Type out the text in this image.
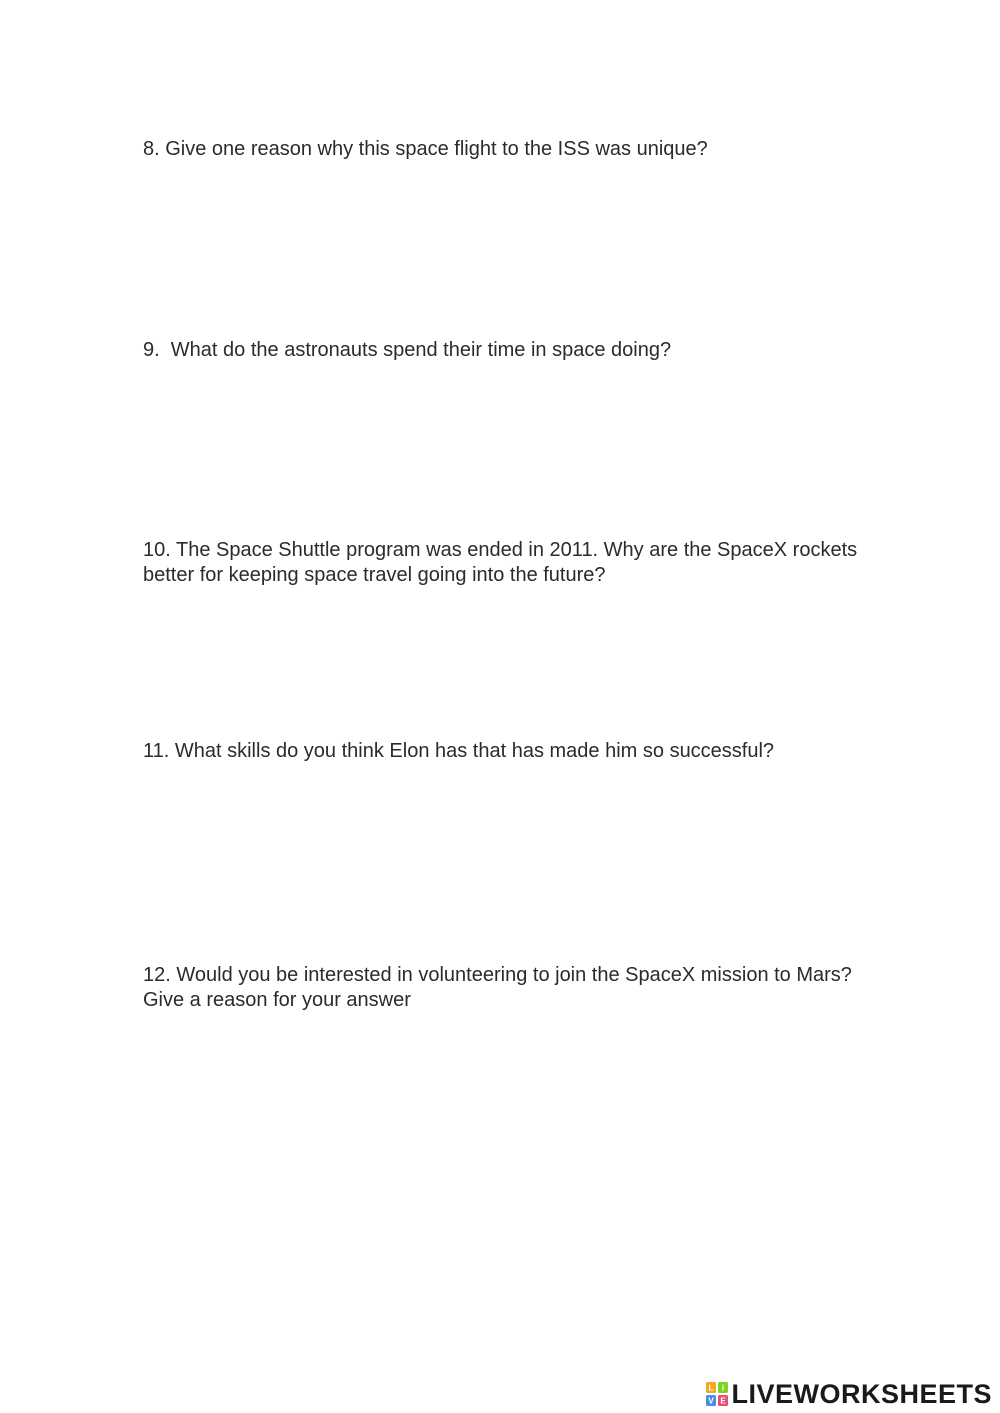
8. Give one reason why this space flight to the ISS was unique?

9.  What do the astronauts spend their time in space doing?

10. The Space Shuttle program was ended in 2011. Why are the SpaceX rockets
better for keeping space travel going into the future?

11. What skills do you think Elon has that has made him so successful?

12. Would you be interested in volunteering to join the SpaceX mission to Mars?
Give a reason for your answer

L i
V E LIVEWORKSHEETS
